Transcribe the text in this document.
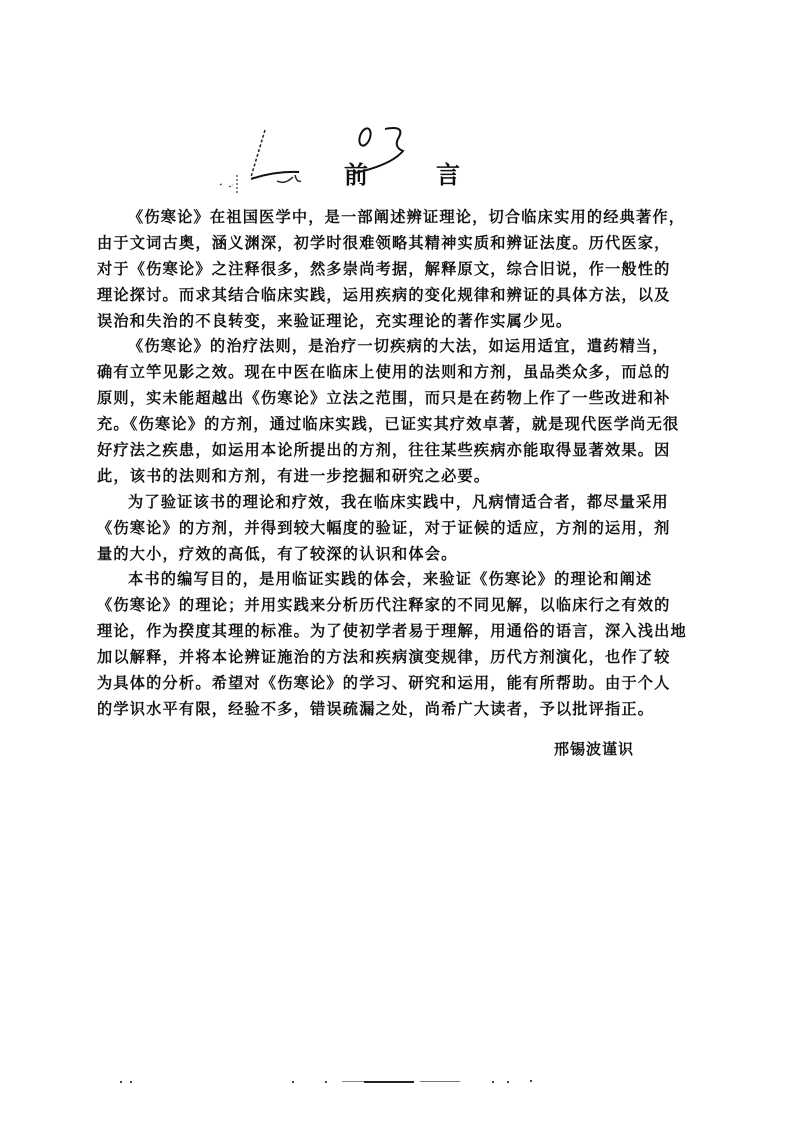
前	言

《伤寒论》在祖国医学中，是一部阐述辨证理论，切合临床实用的经典著作，

由于文词古奥，涵义渊深，初学时很难领略其精神实质和辨证法度。历代医家，

对于《伤寒论》之注释很多，然多崇尚考据，解释原文，综合旧说，作一般性的

理论探讨。而求其结合临床实践，运用疾病的变化规律和辨证的具体方法，以及

误治和失治的不良转变，来验证理论，充实理论的著作实属少见。

《伤寒论》的治疗法则，是治疗一切疾病的大法，如运用适宜，遣药精当，

确有立竿见影之效。现在中医在临床上使用的法则和方剂，虽品类众多，而总的

原则，实未能超越出《伤寒论》立法之范围，而只是在药物上作了一些改进和补

充。《伤寒论》的方剂，通过临床实践，已证实其疗效卓著，就是现代医学尚无很

好疗法之疾患，如运用本论所提出的方剂，往往某些疾病亦能取得显著效果。因

此，该书的法则和方剂，有进一步挖掘和研究之必要。

为了验证该书的理论和疗效，我在临床实践中，凡病情适合者，都尽量采用

《伤寒论》的方剂，并得到较大幅度的验证，对于证候的适应，方剂的运用，剂

量的大小，疗效的高低，有了较深的认识和体会。

本书的编写目的，是用临证实践的体会，来验证《伤寒论》的理论和阐述

《伤寒论》的理论；并用实践来分析历代注释家的不同见解，以临床行之有效的

理论，作为揆度其理的标准。为了使初学者易于理解，用通俗的语言，深入浅出地

加以解释，并将本论辨证施治的方法和疾病演变规律，历代方剂演化，也作了较

为具体的分析。希望对《伤寒论》的学习、研究和运用，能有所帮助。由于个人

的学识水平有限，经验不多，错误疏漏之处，尚希广大读者，予以批评指正。

邢锡波谨识
